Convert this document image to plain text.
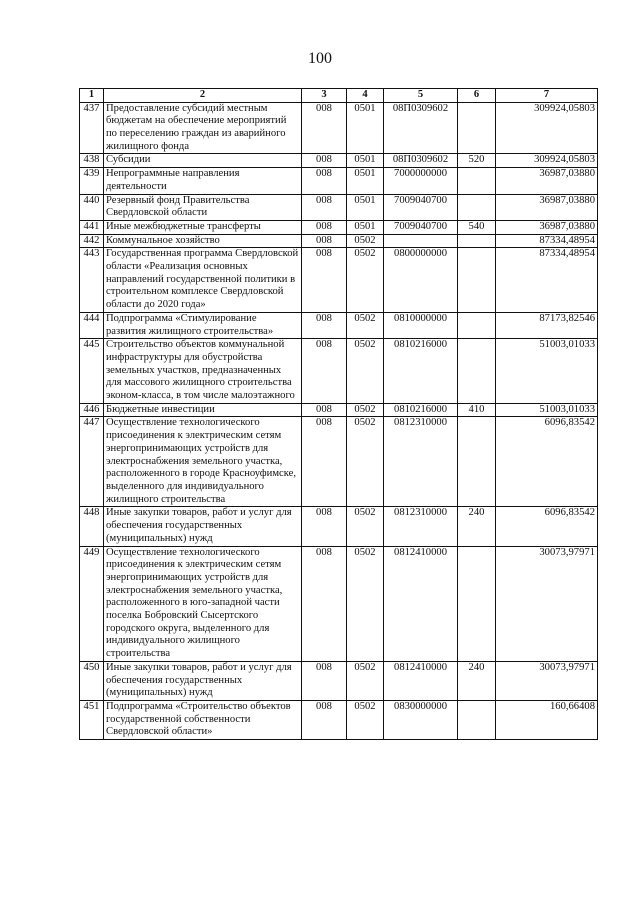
100
1	2	3	4	5	6	7
437	Предоставление субсидий местным бюджетам на обеспечение мероприятий по переселению граждан из аварийного жилищного фонда	008	0501	08П0309602		309924,05803
438	Субсидии	008	0501	08П0309602	520	309924,05803
439	Непрограммные направления деятельности	008	0501	7000000000		36987,03880
440	Резервный фонд Правительства Свердловской области	008	0501	7009040700		36987,03880
441	Иные межбюджетные трансферты	008	0501	7009040700	540	36987,03880
442	Коммунальное хозяйство	008	0502			87334,48954
443	Государственная программа Свердловской области «Реализация основных направлений государственной политики в строительном комплексе Свердловской области до 2020 года»	008	0502	0800000000		87334,48954
444	Подпрограмма «Стимулирование развития жилищного строительства»	008	0502	0810000000		87173,82546
445	Строительство объектов коммунальной инфраструктуры для обустройства земельных участков, предназначенных для массового жилищного строительства эконом-класса, в том числе малоэтажного	008	0502	0810216000		51003,01033
446	Бюджетные инвестиции	008	0502	0810216000	410	51003,01033
447	Осуществление технологического присоединения к электрическим сетям энергопринимающих устройств для электроснабжения земельного участка, расположенного в городе Красноуфимске, выделенного для индивидуального жилищного строительства	008	0502	0812310000		6096,83542
448	Иные закупки товаров, работ и услуг для обеспечения государственных (муниципальных) нужд	008	0502	0812310000	240	6096,83542
449	Осуществление технологического присоединения к электрическим сетям энергопринимающих устройств для электроснабжения земельного участка, расположенного в юго-западной части поселка Бобровский Сысертского городского округа, выделенного для индивидуального жилищного строительства	008	0502	0812410000		30073,97971
450	Иные закупки товаров, работ и услуг для обеспечения государственных (муниципальных) нужд	008	0502	0812410000	240	30073,97971
451	Подпрограмма «Строительство объектов государственной собственности Свердловской области»	008	0502	0830000000		160,66408
